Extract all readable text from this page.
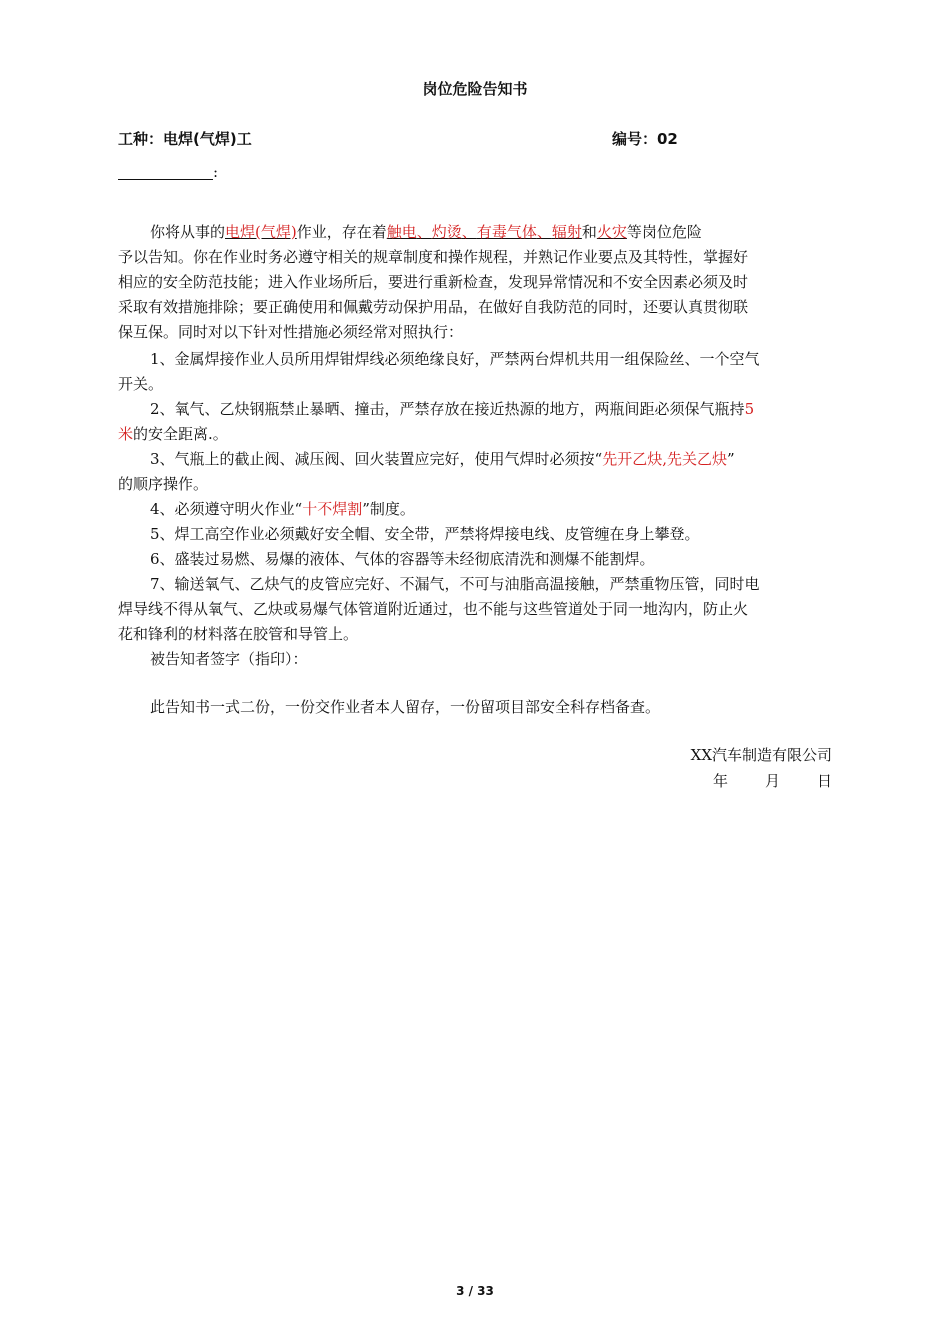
岗位危险告知书
工种：电焊(气焊)工	编号：02
:
你将从事的电焊(气焊)作业，存在着触电、灼烫、有毒气体、辐射和火灾等岗位危险
予以告知。你在作业时务必遵守相关的规章制度和操作规程，并熟记作业要点及其特性，掌握好
相应的安全防范技能；进入作业场所后，要进行重新检查，发现异常情况和不安全因素必须及时
采取有效措施排除；要正确使用和佩戴劳动保护用品，在做好自我防范的同时，还要认真贯彻联
保互保。同时对以下针对性措施必须经常对照执行：
1、金属焊接作业人员所用焊钳焊线必须绝缘良好，严禁两台焊机共用一组保险丝、一个空气
开关。
2、氧气、乙炔钢瓶禁止暴晒、撞击，严禁存放在接近热源的地方，两瓶间距必须保气瓶持5
米的安全距离.。
3、气瓶上的截止阀、减压阀、回火装置应完好，使用气焊时必须按“先开乙炔,先关乙炔”
的顺序操作。
4、必须遵守明火作业“十不焊割”制度。
5、焊工高空作业必须戴好安全帽、安全带，严禁将焊接电线、皮管缠在身上攀登。
6、盛装过易燃、易爆的液体、气体的容器等未经彻底清洗和测爆不能割焊。
7、输送氧气、乙炔气的皮管应完好、不漏气，不可与油脂高温接触，严禁重物压管，同时电
焊导线不得从氧气、乙炔或易爆气体管道附近通过，也不能与这些管道处于同一地沟内，防止火
花和锋利的材料落在胶管和导管上。
被告知者签字（指印）：
此告知书一式二份，一份交作业者本人留存，一份留项目部安全科存档备查。
XX汽车制造有限公司
年 月 日
3 / 33
